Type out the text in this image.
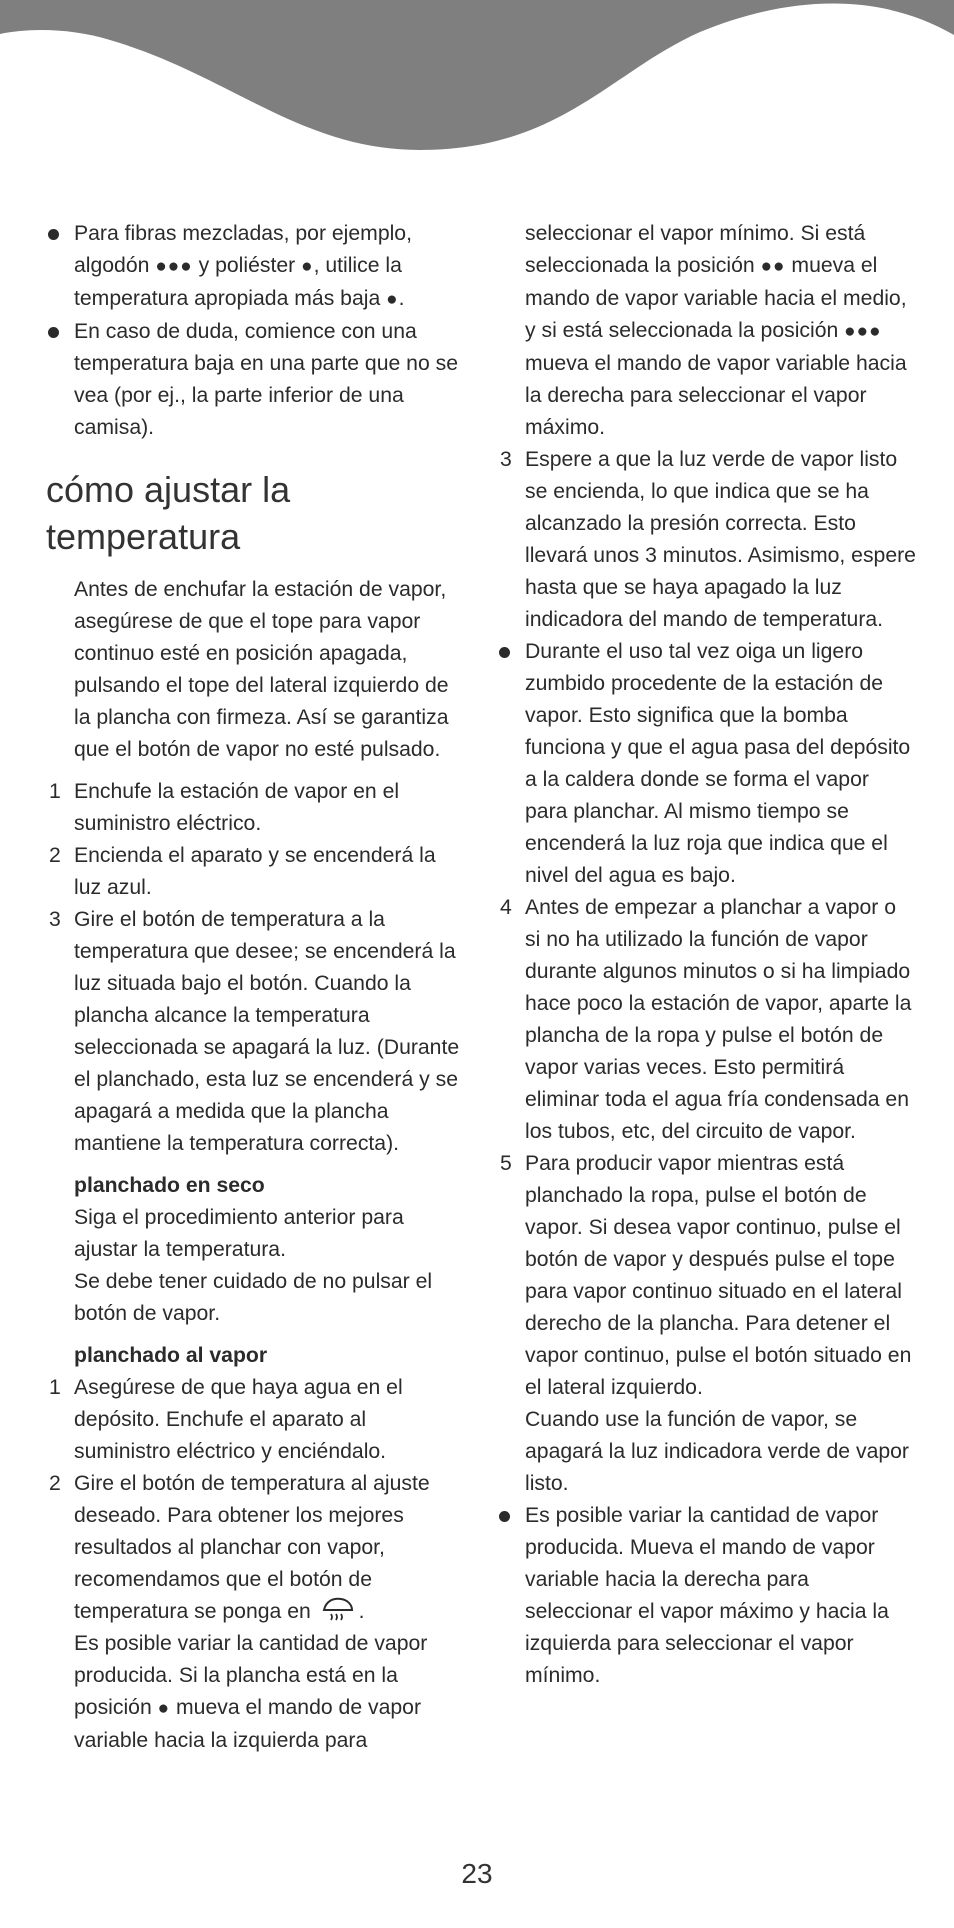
Para fibras mezcladas, por ejemplo, algodón ●●● y poliéster ●, utilice la temperatura apropiada más baja ●.
En caso de duda, comience con una temperatura baja en una parte que no se vea (por ej., la parte inferior de una camisa).
cómo ajustar la
temperatura
Antes de enchufar la estación de vapor, asegúrese de que el tope para vapor continuo esté en posición apagada, pulsando el tope del lateral izquierdo de la plancha con firmeza. Así se garantiza que el botón de vapor no esté pulsado.
1 Enchufe la estación de vapor en el suministro eléctrico.
2 Encienda el aparato y se encenderá la luz azul.
3 Gire el botón de temperatura a la temperatura que desee; se encenderá la luz situada bajo el botón. Cuando la plancha alcance la temperatura seleccionada se apagará la luz. (Durante el planchado, esta luz se encenderá y se apagará a medida que la plancha mantiene la temperatura correcta).
planchado en seco
Siga el procedimiento anterior para ajustar la temperatura.
Se debe tener cuidado de no pulsar el botón de vapor.
planchado al vapor
1 Asegúrese de que haya agua en el depósito. Enchufe el aparato al suministro eléctrico y enciéndalo.
2 Gire el botón de temperatura al ajuste deseado. Para obtener los mejores resultados al planchar con vapor, recomendamos que el botón de temperatura se ponga en .
Es posible variar la cantidad de vapor producida. Si la plancha está en la posición ● mueva el mando de vapor variable hacia la izquierda para
seleccionar el vapor mínimo. Si está seleccionada la posición ●● mueva el mando de vapor variable hacia el medio, y si está seleccionada la posición ●●● mueva el mando de vapor variable hacia la derecha para seleccionar el vapor máximo.
3 Espere a que la luz verde de vapor listo se encienda, lo que indica que se ha alcanzado la presión correcta. Esto llevará unos 3 minutos. Asimismo, espere hasta que se haya apagado la luz indicadora del mando de temperatura.
Durante el uso tal vez oiga un ligero zumbido procedente de la estación de vapor. Esto significa que la bomba funciona y que el agua pasa del depósito a la caldera donde se forma el vapor para planchar. Al mismo tiempo se encenderá la luz roja que indica que el nivel del agua es bajo.
4 Antes de empezar a planchar a vapor o si no ha utilizado la función de vapor durante algunos minutos o si ha limpiado hace poco la estación de vapor, aparte la plancha de la ropa y pulse el botón de vapor varias veces. Esto permitirá eliminar toda el agua fría condensada en los tubos, etc, del circuito de vapor.
5 Para producir vapor mientras está planchado la ropa, pulse el botón de vapor. Si desea vapor continuo, pulse el botón de vapor y después pulse el tope para vapor continuo situado en el lateral derecho de la plancha. Para detener el vapor continuo, pulse el botón situado en el lateral izquierdo.
Cuando use la función de vapor, se apagará la luz indicadora verde de vapor listo.
Es posible variar la cantidad de vapor producida. Mueva el mando de vapor variable hacia la derecha para seleccionar el vapor máximo y hacia la izquierda para seleccionar el vapor mínimo.
23
